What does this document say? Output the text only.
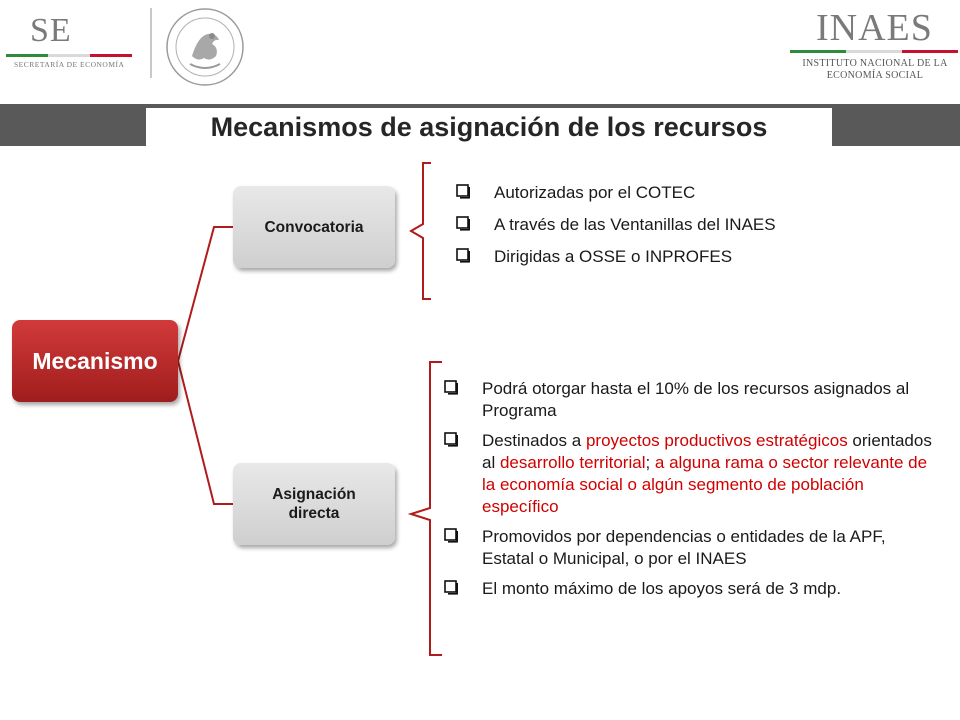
SE
SECRETARÍA DE ECONOMÍA
INAES
INSTITUTO NACIONAL DE LA
ECONOMÍA SOCIAL
Mecanismos de asignación de los recursos
Mecanismo
Convocatoria
Asignación
directa
Autorizadas por el COTEC
A través de las Ventanillas del INAES
Dirigidas a OSSE o INPROFES
Podrá otorgar hasta el 10% de los recursos asignados al Programa
Destinados a proyectos productivos estratégicos orientados al desarrollo territorial; a alguna rama o sector relevante de la economía social o algún segmento de población específico
Promovidos por dependencias o entidades de la APF, Estatal o Municipal, o por el INAES
El monto máximo de los apoyos será de 3 mdp.
